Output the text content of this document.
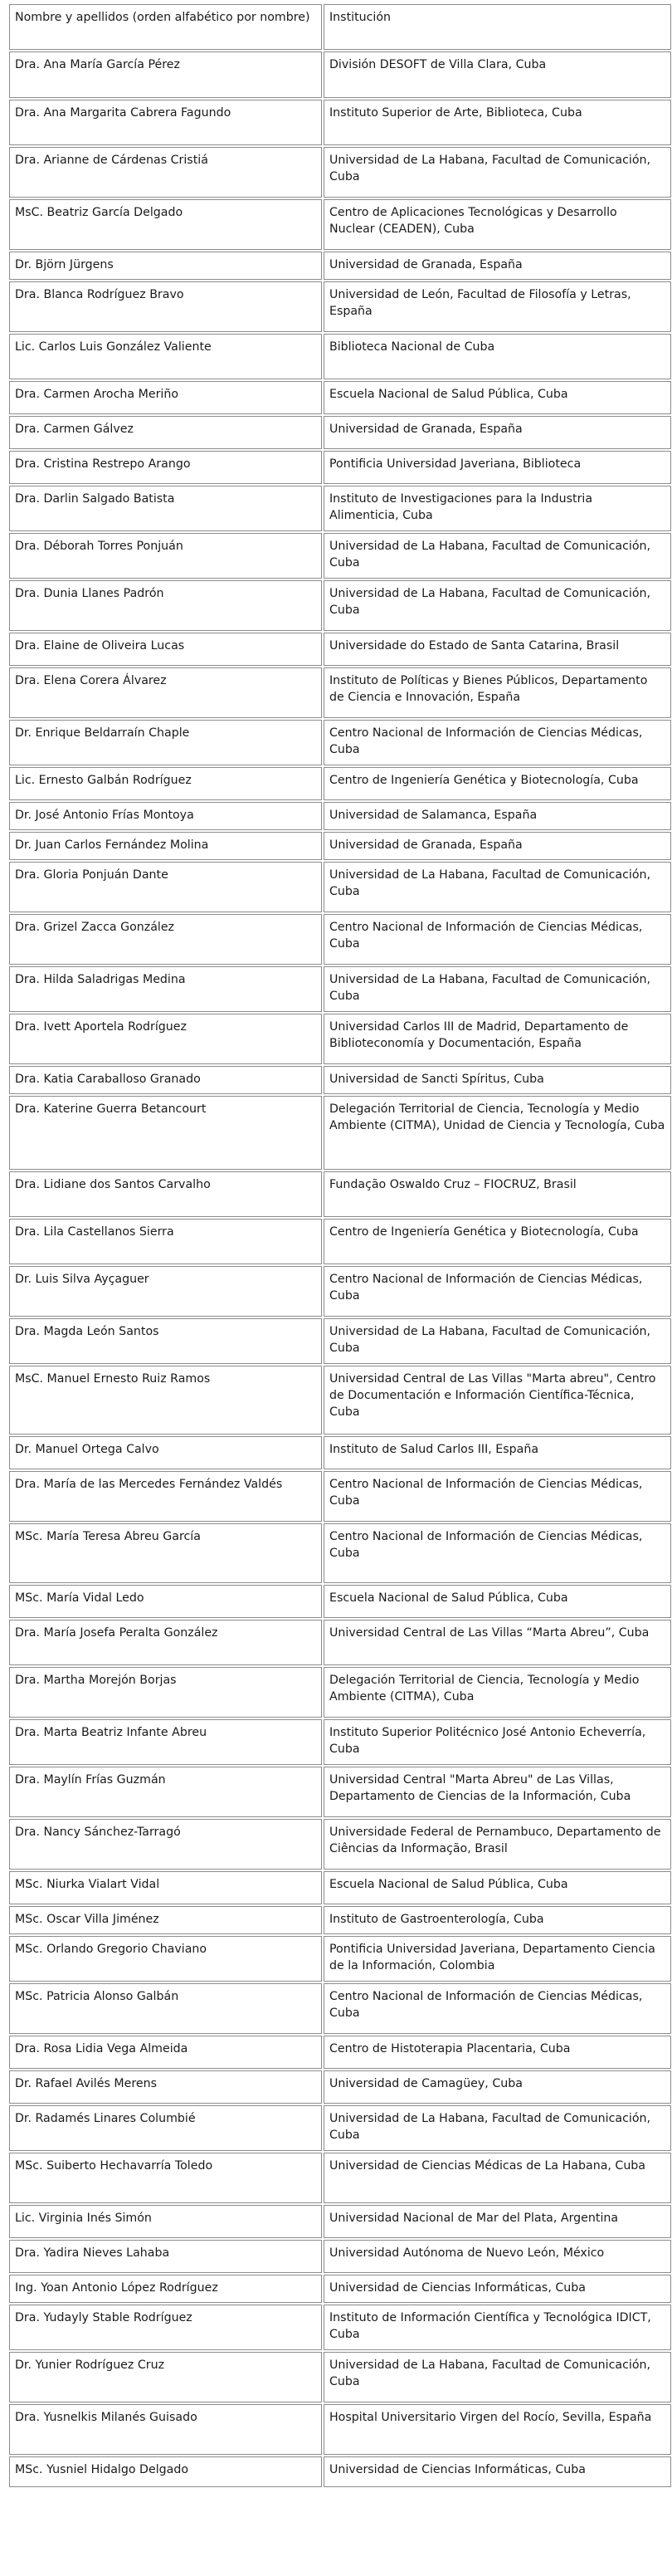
Nombre y apellidos (orden alfabético por nombre)	Institución
Dra. Ana María García Pérez	División DESOFT de Villa Clara, Cuba
Dra. Ana Margarita Cabrera Fagundo	Instituto Superior de Arte, Biblioteca, Cuba
Dra. Arianne de Cárdenas Cristiá	Universidad de La Habana, Facultad de Comunicación, Cuba
MsC. Beatriz García Delgado	Centro de Aplicaciones Tecnológicas y Desarrollo Nuclear (CEADEN), Cuba
Dr. Björn Jürgens	Universidad de Granada, España
Dra. Blanca Rodríguez Bravo	Universidad de León, Facultad de Filosofía y Letras, España
Lic. Carlos Luis González Valiente	Biblioteca Nacional de Cuba
Dra. Carmen Arocha Meriño	Escuela Nacional de Salud Pública, Cuba
Dra. Carmen Gálvez	Universidad de Granada, España
Dra. Cristina Restrepo Arango	Pontificia Universidad Javeriana, Biblioteca
Dra. Darlin Salgado Batista	Instituto de Investigaciones para la Industria Alimenticia, Cuba
Dra. Déborah Torres Ponjuán	Universidad de La Habana, Facultad de Comunicación, Cuba
Dra. Dunia Llanes Padrón	Universidad de La Habana, Facultad de Comunicación, Cuba
Dra. Elaine de Oliveira Lucas	Universidade do Estado de Santa Catarina, Brasil
Dra. Elena Corera Álvarez	Instituto de Políticas y Bienes Públicos, Departamento de Ciencia e Innovación, España
Dr. Enrique Beldarraín Chaple	Centro Nacional de Información de Ciencias Médicas, Cuba
Lic. Ernesto Galbán Rodríguez	Centro de Ingeniería Genética y Biotecnología, Cuba
Dr. José Antonio Frías Montoya	Universidad de Salamanca, España
Dr. Juan Carlos Fernández Molina	Universidad de Granada, España
Dra. Gloria Ponjuán Dante	Universidad de La Habana, Facultad de Comunicación, Cuba
Dra. Grizel Zacca González	Centro Nacional de Información de Ciencias Médicas, Cuba
Dra. Hilda Saladrigas Medina	Universidad de La Habana, Facultad de Comunicación, Cuba
Dra. Ivett Aportela Rodríguez	Universidad Carlos III de Madrid, Departamento de Biblioteconomía y Documentación, España
Dra. Katia Caraballoso Granado	Universidad de Sancti Spíritus, Cuba
Dra. Katerine Guerra Betancourt	Delegación Territorial de Ciencia, Tecnología y Medio Ambiente (CITMA), Unidad de Ciencia y Tecnología, Cuba
Dra. Lidiane dos Santos Carvalho	Fundação Oswaldo Cruz – FIOCRUZ, Brasil
Dra. Lila Castellanos Sierra	Centro de Ingeniería Genética y Biotecnología, Cuba
Dr. Luis Silva Ayçaguer	Centro Nacional de Información de Ciencias Médicas, Cuba
Dra. Magda León Santos	Universidad de La Habana, Facultad de Comunicación, Cuba
MsC. Manuel Ernesto Ruiz Ramos	Universidad Central de Las Villas "Marta abreu", Centro de Documentación e Información Científica-Técnica, Cuba
Dr. Manuel Ortega Calvo	Instituto de Salud Carlos III, España
Dra. María de las Mercedes Fernández Valdés	Centro Nacional de Información de Ciencias Médicas, Cuba
MSc. María Teresa Abreu García	Centro Nacional de Información de Ciencias Médicas, Cuba
MSc. María Vidal Ledo	Escuela Nacional de Salud Pública, Cuba
Dra. María Josefa Peralta González	Universidad Central de Las Villas “Marta Abreu”, Cuba
Dra. Martha Morejón Borjas	Delegación Territorial de Ciencia, Tecnología y Medio Ambiente (CITMA), Cuba
Dra. Marta Beatriz Infante Abreu	Instituto Superior Politécnico José Antonio Echeverría, Cuba
Dra. Maylín Frías Guzmán	Universidad Central "Marta Abreu" de Las Villas, Departamento de Ciencias de la Información, Cuba
Dra. Nancy Sánchez-Tarragó	Universidade Federal de Pernambuco, Departamento de Ciências da Informação, Brasil
MSc. Niurka Vialart Vidal	Escuela Nacional de Salud Pública, Cuba
MSc. Oscar Villa Jiménez	Instituto de Gastroenterología, Cuba
MSc. Orlando Gregorio Chaviano	Pontificia Universidad Javeriana, Departamento Ciencia de la Información, Colombia
MSc. Patricia Alonso Galbán	Centro Nacional de Información de Ciencias Médicas, Cuba
Dra. Rosa Lidia Vega Almeida	Centro de Histoterapia Placentaria, Cuba
Dr. Rafael Avilés Merens	Universidad de Camagüey, Cuba
Dr. Radamés Linares Columbié	Universidad de La Habana, Facultad de Comunicación, Cuba
MSc. Suiberto Hechavarría Toledo	Universidad de Ciencias Médicas de La Habana, Cuba
Lic. Virginia Inés Simón	Universidad Nacional de Mar del Plata, Argentina
Dra. Yadira Nieves Lahaba	Universidad Autónoma de Nuevo León, México
Ing. Yoan Antonio López Rodríguez	Universidad de Ciencias Informáticas, Cuba
Dra. Yudayly Stable Rodríguez	Instituto de Información Científica y Tecnológica IDICT, Cuba
Dr. Yunier Rodríguez Cruz	Universidad de La Habana, Facultad de Comunicación, Cuba
Dra. Yusnelkis Milanés Guisado	Hospital Universitario Virgen del Rocío, Sevilla, España
MSc. Yusniel Hidalgo Delgado	Universidad de Ciencias Informáticas, Cuba
